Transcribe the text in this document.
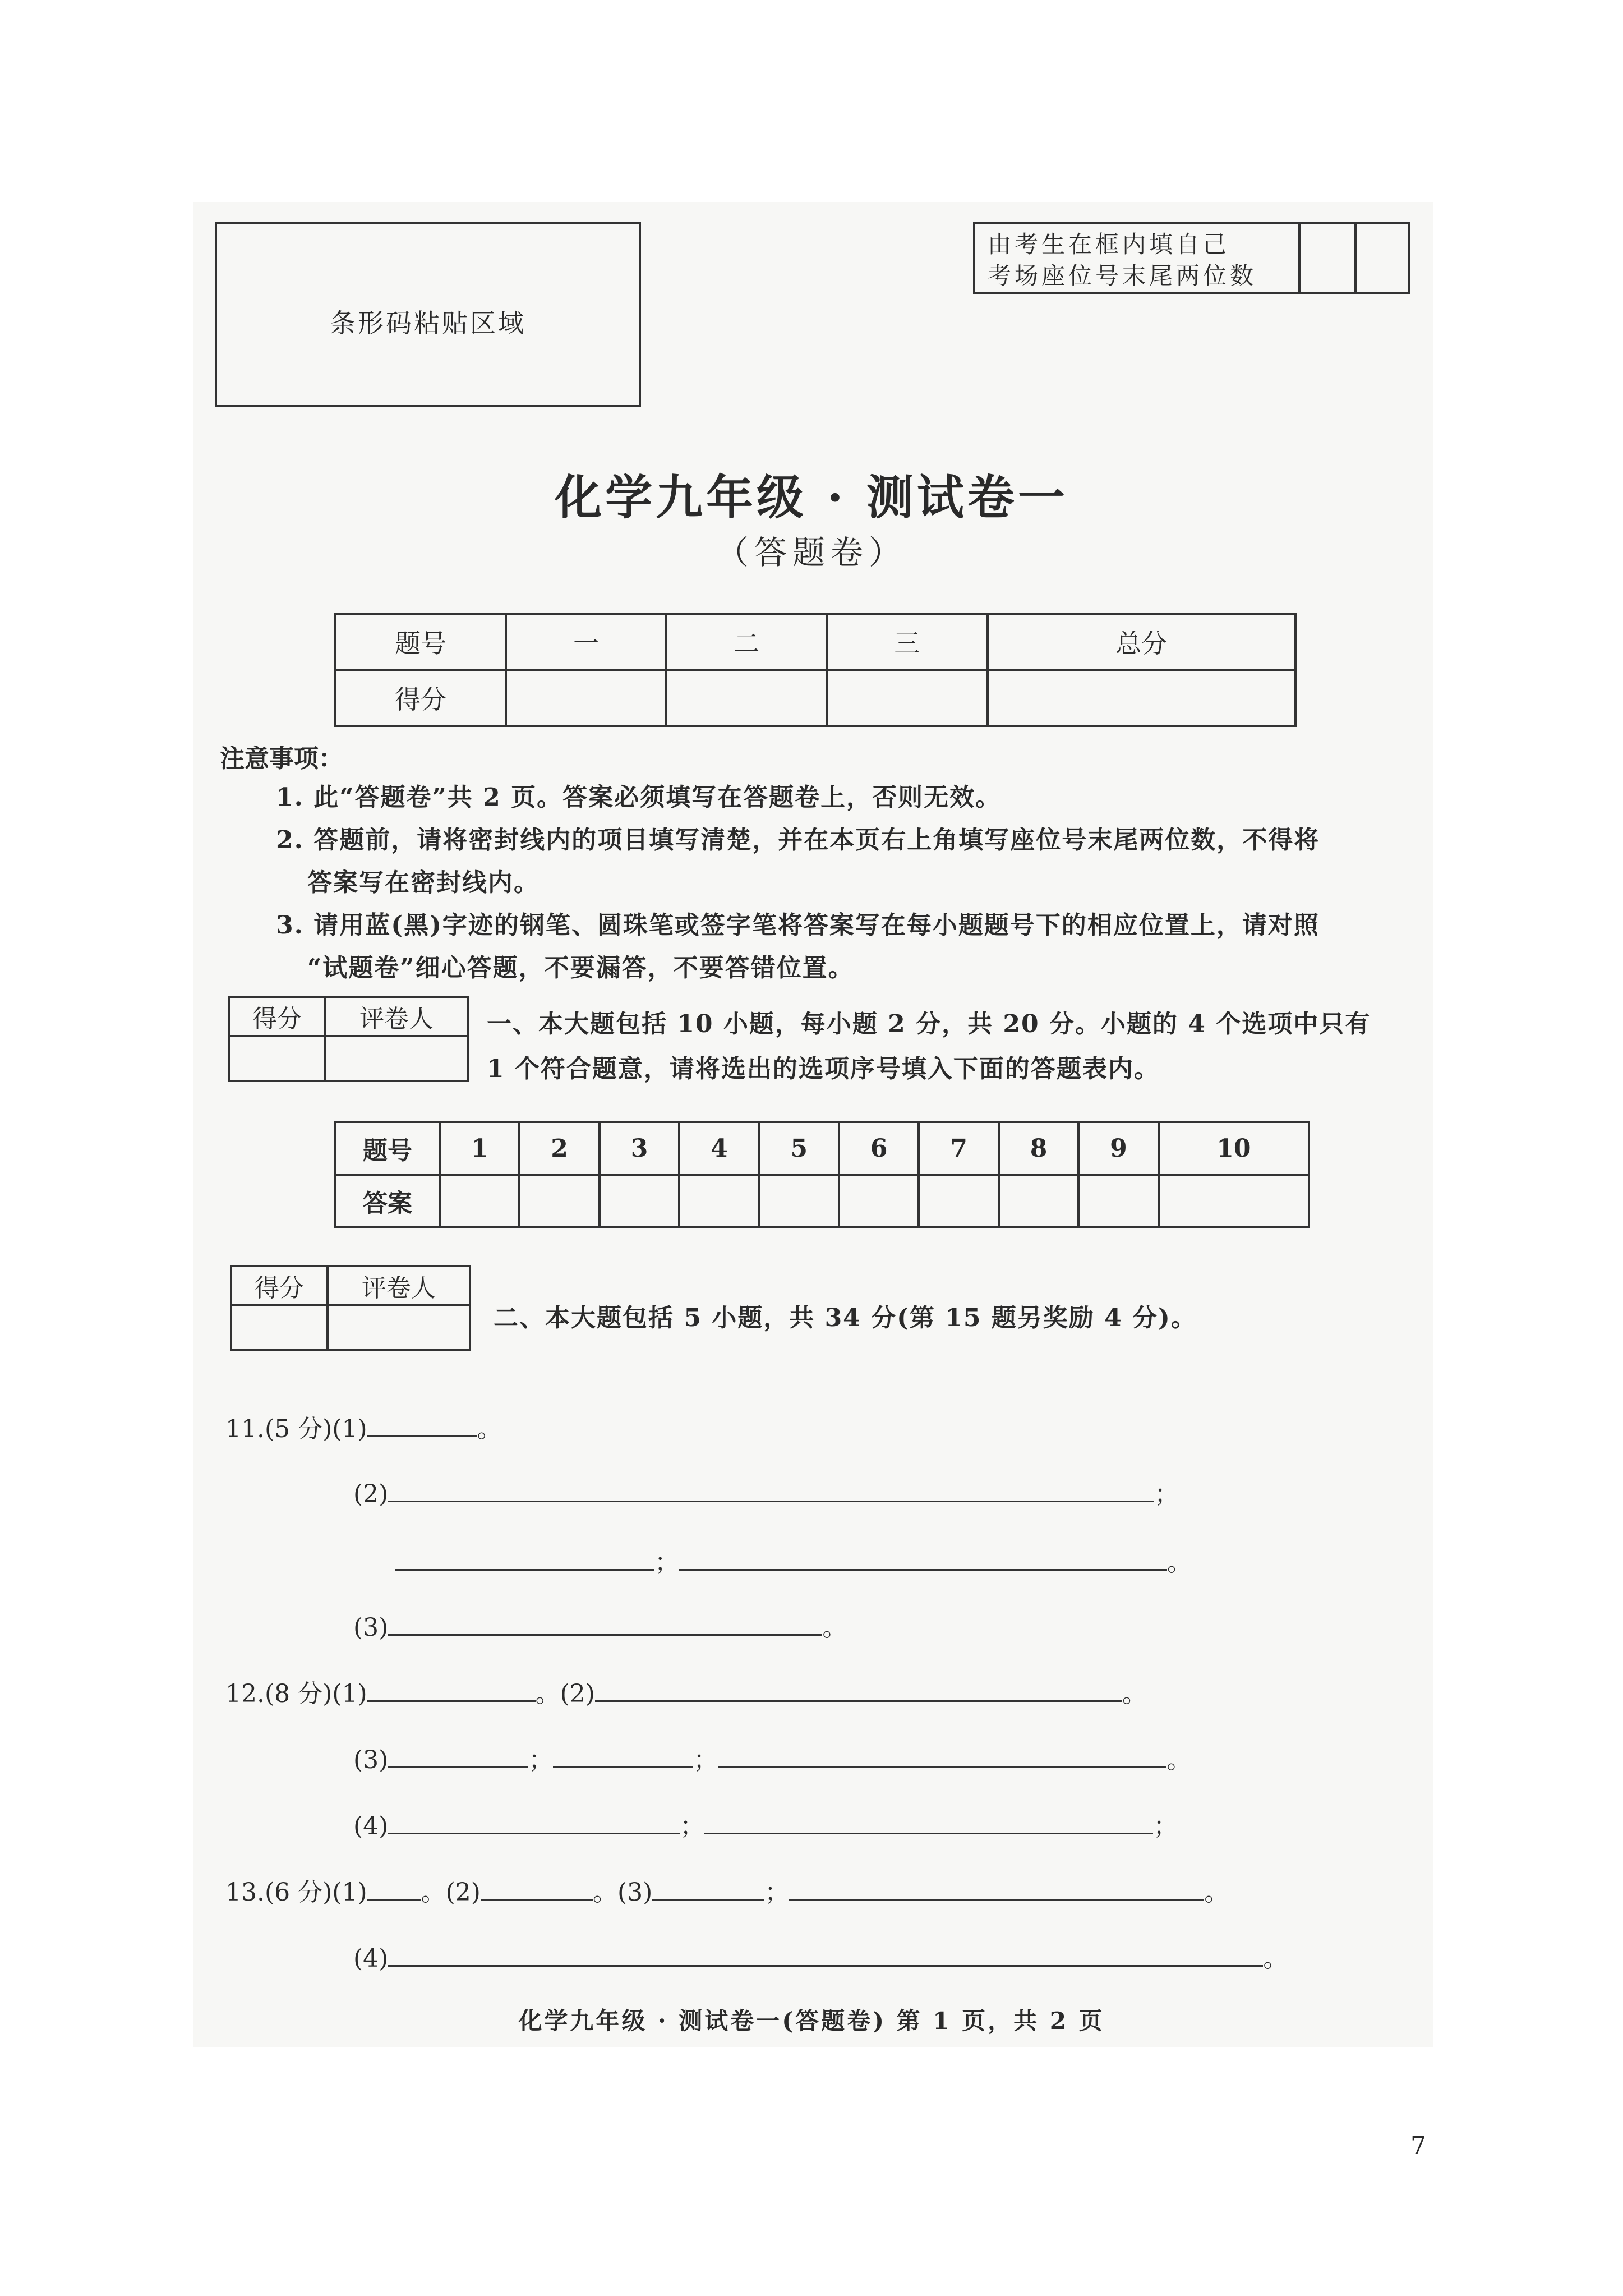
条形码粘贴区域
由考生在框内填自己
考场座位号末尾两位数
化学九年级 · 测试卷一
（答题卷）
题号	一	二	三	总分
得分				
注意事项：
1. 此“答题卷”共 2 页。答案必须填写在答题卷上，否则无效。
2. 答题前，请将密封线内的项目填写清楚，并在本页右上角填写座位号末尾两位数，不得将
答案写在密封线内。
3. 请用蓝(黑)字迹的钢笔、圆珠笔或签字笔将答案写在每小题题号下的相应位置上，请对照
“试题卷”细心答题，不要漏答，不要答错位置。
得分	评卷人
	一、本大题包括 10 小题，每小题 2 分，共 20 分。小题的 4 个选项中只有
1 个符合题意，请将选出的选项序号填入下面的答题表内。
题号	1	2	3	4	5	6	7	8	9	10
答案										
得分	评卷人

二、本大题包括 5 小题，共 34 分(第 15 题另奖励 4 分)。
11.(5 分)(1)	。
(2)	；
；	。
(3)	。
12.(8 分)(1)	。(2)	。
(3)	；	；	。
(4)	；	；
13.(6 分)(1) 。(2)	。(3)	；	。
(4)	。
化学九年级 · 测试卷一(答题卷) 第 1 页，共 2 页
7
